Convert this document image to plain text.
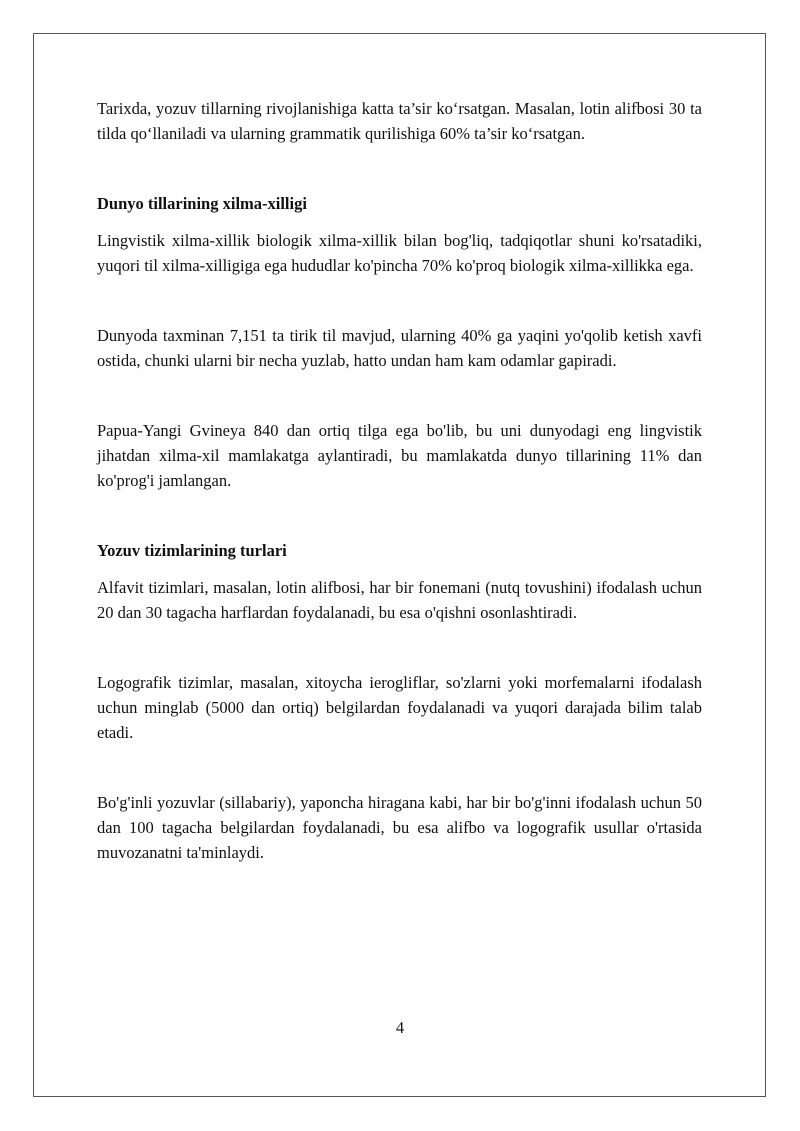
Tarixda, yozuv tillarning rivojlanishiga katta ta’sir ko‘rsatgan. Masalan, lotin alifbosi 30 ta tilda qo‘llaniladi va ularning grammatik qurilishiga 60% ta’sir ko‘rsatgan.

Dunyo tillarining xilma-xilligi

Lingvistik xilma-xillik biologik xilma-xillik bilan bog'liq, tadqiqotlar shuni ko'rsatadiki, yuqori til xilma-xilligiga ega hududlar ko'pincha 70% ko'proq biologik xilma-xillikka ega.

Dunyoda taxminan 7,151 ta tirik til mavjud, ularning 40% ga yaqini yo'qolib ketish xavfi ostida, chunki ularni bir necha yuzlab, hatto undan ham kam odamlar gapiradi.

Papua-Yangi Gvineya 840 dan ortiq tilga ega bo'lib, bu uni dunyodagi eng lingvistik jihatdan xilma-xil mamlakatga aylantiradi, bu mamlakatda dunyo tillarining 11% dan ko'prog'i jamlangan.

Yozuv tizimlarining turlari

Alfavit tizimlari, masalan, lotin alifbosi, har bir fonemani (nutq tovushini) ifodalash uchun 20 dan 30 tagacha harflardan foydalanadi, bu esa o'qishni osonlashtiradi.

Logografik tizimlar, masalan, xitoycha ierogliflar, so'zlarni yoki morfemalarni ifodalash uchun minglab (5000 dan ortiq) belgilardan foydalanadi va yuqori darajada bilim talab etadi.

Bo'g'inli yozuvlar (sillabariy), yaponcha hiragana kabi, har bir bo'g'inni ifodalash uchun 50 dan 100 tagacha belgilardan foydalanadi, bu esa alifbo va logografik usullar o'rtasida muvozanatni ta'minlaydi.

4
